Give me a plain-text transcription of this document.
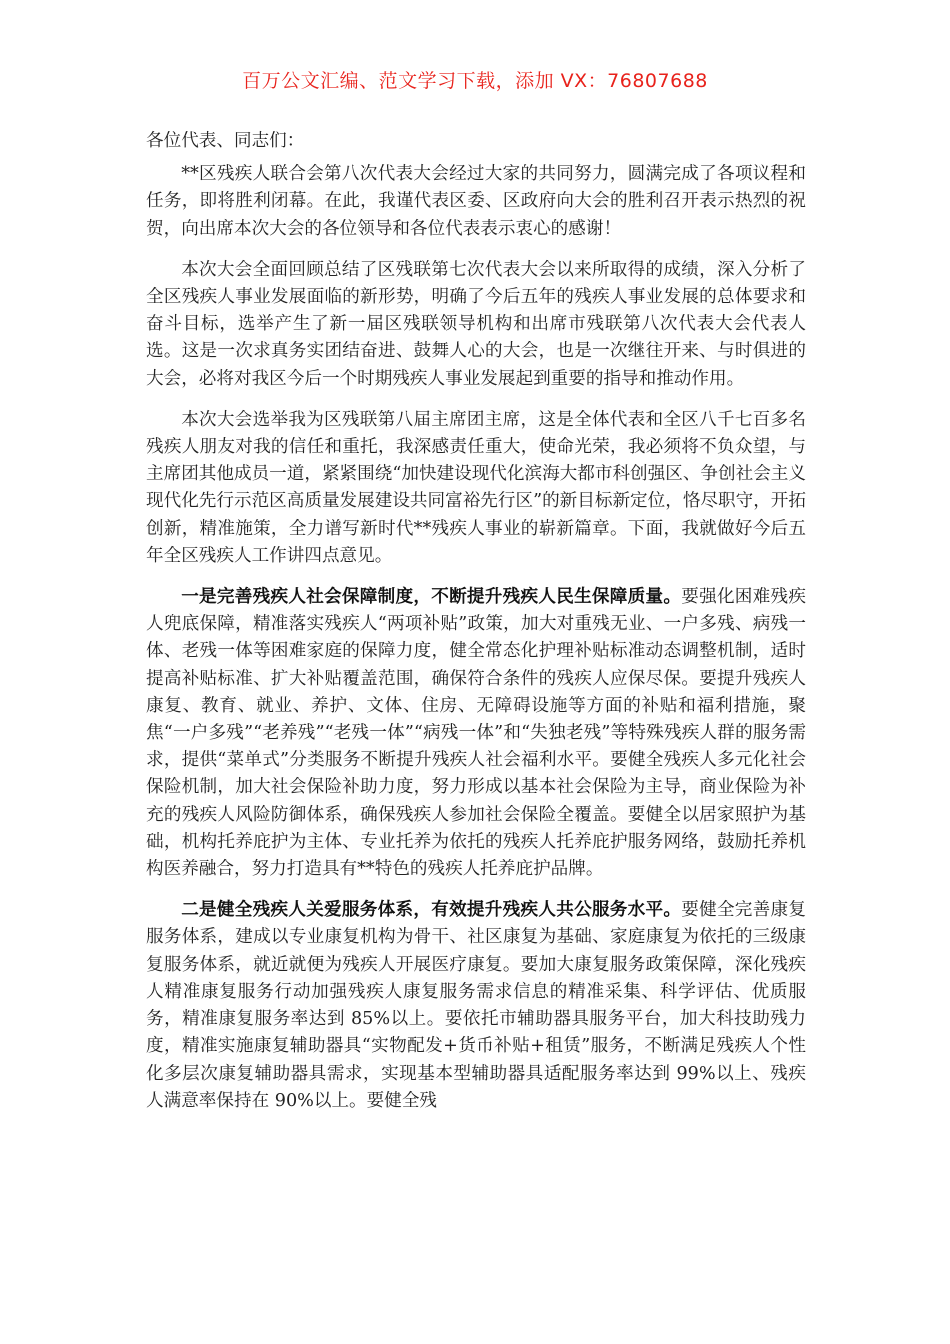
百万公文汇编、范文学习下载，添加 VX：76807688

各位代表、同志们：

**区残疾人联合会第八次代表大会经过大家的共同努力，圆满完成了各项议程和任务，即将胜利闭幕。在此，我谨代表区委、区政府向大会的胜利召开表示热烈的祝贺，向出席本次大会的各位领导和各位代表表示衷心的感谢！

本次大会全面回顾总结了区残联第七次代表大会以来所取得的成绩，深入分析了全区残疾人事业发展面临的新形势，明确了今后五年的残疾人事业发展的总体要求和奋斗目标，选举产生了新一届区残联领导机构和出席市残联第八次代表大会代表人选。这是一次求真务实团结奋进、鼓舞人心的大会，也是一次继往开来、与时俱进的大会，必将对我区今后一个时期残疾人事业发展起到重要的指导和推动作用。

本次大会选举我为区残联第八届主席团主席，这是全体代表和全区八千七百多名残疾人朋友对我的信任和重托，我深感责任重大，使命光荣，我必须将不负众望，与主席团其他成员一道，紧紧围绕“加快建设现代化滨海大都市科创强区、争创社会主义现代化先行示范区高质量发展建设共同富裕先行区”的新目标新定位，恪尽职守，开拓创新，精准施策，全力谱写新时代**残疾人事业的崭新篇章。下面，我就做好今后五年全区残疾人工作讲四点意见。

一是完善残疾人社会保障制度，不断提升残疾人民生保障质量。要强化困难残疾人兜底保障，精准落实残疾人“两项补贴”政策，加大对重残无业、一户多残、病残一体、老残一体等困难家庭的保障力度，健全常态化护理补贴标准动态调整机制，适时提高补贴标准、扩大补贴覆盖范围，确保符合条件的残疾人应保尽保。要提升残疾人康复、教育、就业、养护、文体、住房、无障碍设施等方面的补贴和福利措施，聚焦“一户多残”“老养残”“老残一体”“病残一体”和“失独老残”等特殊残疾人群的服务需求，提供“菜单式”分类服务不断提升残疾人社会福利水平。要健全残疾人多元化社会保险机制，加大社会保险补助力度，努力形成以基本社会保险为主导，商业保险为补充的残疾人风险防御体系，确保残疾人参加社会保险全覆盖。要健全以居家照护为基础，机构托养庇护为主体、专业托养为依托的残疾人托养庇护服务网络，鼓励托养机构医养融合，努力打造具有**特色的残疾人托养庇护品牌。

二是健全残疾人关爱服务体系，有效提升残疾人共公服务水平。要健全完善康复服务体系，建成以专业康复机构为骨干、社区康复为基础、家庭康复为依托的三级康复服务体系，就近就便为残疾人开展医疗康复。要加大康复服务政策保障，深化残疾人精准康复服务行动加强残疾人康复服务需求信息的精准采集、科学评估、优质服务，精准康复服务率达到 85%以上。要依托市辅助器具服务平台，加大科技助残力度，精准实施康复辅助器具“实物配发+货币补贴+租赁”服务，不断满足残疾人个性化多层次康复辅助器具需求，实现基本型辅助器具适配服务率达到 99%以上、残疾人满意率保持在 90%以上。要健全残
